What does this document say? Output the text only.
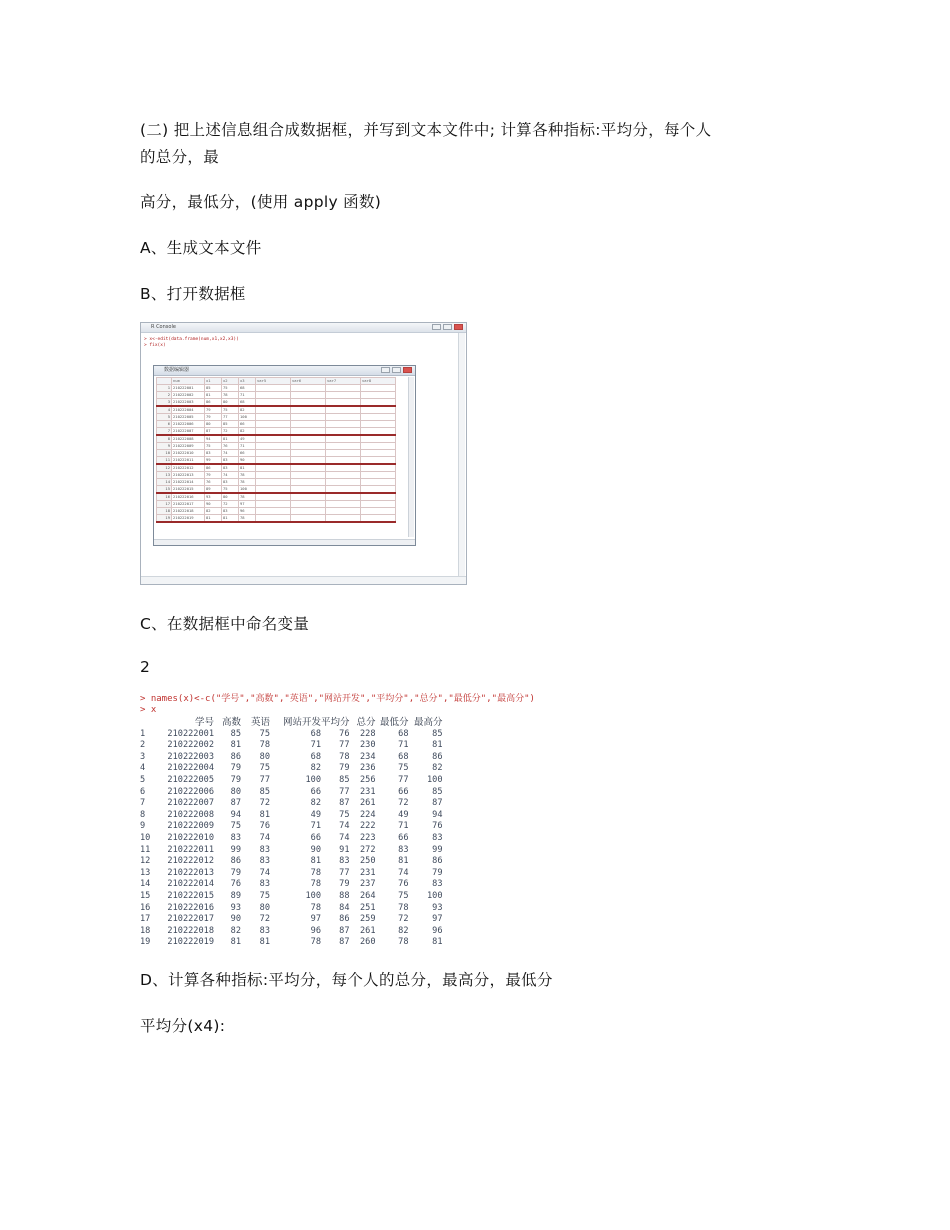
(二) 把上述信息组合成数据框，并写到文本文件中; 计算各种指标:平均分，每个人
的总分，最
高分，最低分，(使用 apply 函数)
A、生成文本文件
B、打开数据框
R Console
> x<-edit(data.frame(num,x1,x2,x3))
> fix(x)
数据编辑器
	num	x1	x2	x3	var5	var6	var7	var8
1	210222001	85	75	68				
2	210222002	81	78	71				
3	210222003	86	80	68				
4	210222004	79	75	82				
5	210222005	79	77	100				
6	210222006	80	85	66				
7	210222007	87	72	82				
8	210222008	94	81	49				
9	210222009	75	76	71				
10	210222010	83	74	66				
11	210222011	99	83	90				
12	210222012	86	83	81				
13	210222013	79	74	78				
14	210222014	76	83	78				
15	210222015	89	75	100				
16	210222016	93	80	78				
17	210222017	90	72	97				
18	210222018	82	83	96				
19	210222019	81	81	78				
C、在数据框中命名变量
2
> names(x)<-c("学号","高数","英语","网站开发","平均分","总分","最低分","最高分")
> x
	学号	高数	英语	网站开发	平均分	总分	最低分	最高分
1	210222001	85	75	68	76	228	68	85
2	210222002	81	78	71	77	230	71	81
3	210222003	86	80	68	78	234	68	86
4	210222004	79	75	82	79	236	75	82
5	210222005	79	77	100	85	256	77	100
6	210222006	80	85	66	77	231	66	85
7	210222007	87	72	82	87	261	72	87
8	210222008	94	81	49	75	224	49	94
9	210222009	75	76	71	74	222	71	76
10	210222010	83	74	66	74	223	66	83
11	210222011	99	83	90	91	272	83	99
12	210222012	86	83	81	83	250	81	86
13	210222013	79	74	78	77	231	74	79
14	210222014	76	83	78	79	237	76	83
15	210222015	89	75	100	88	264	75	100
16	210222016	93	80	78	84	251	78	93
17	210222017	90	72	97	86	259	72	97
18	210222018	82	83	96	87	261	82	96
19	210222019	81	81	78	87	260	78	81
D、计算各种指标:平均分，每个人的总分，最高分，最低分
平均分(x4):
